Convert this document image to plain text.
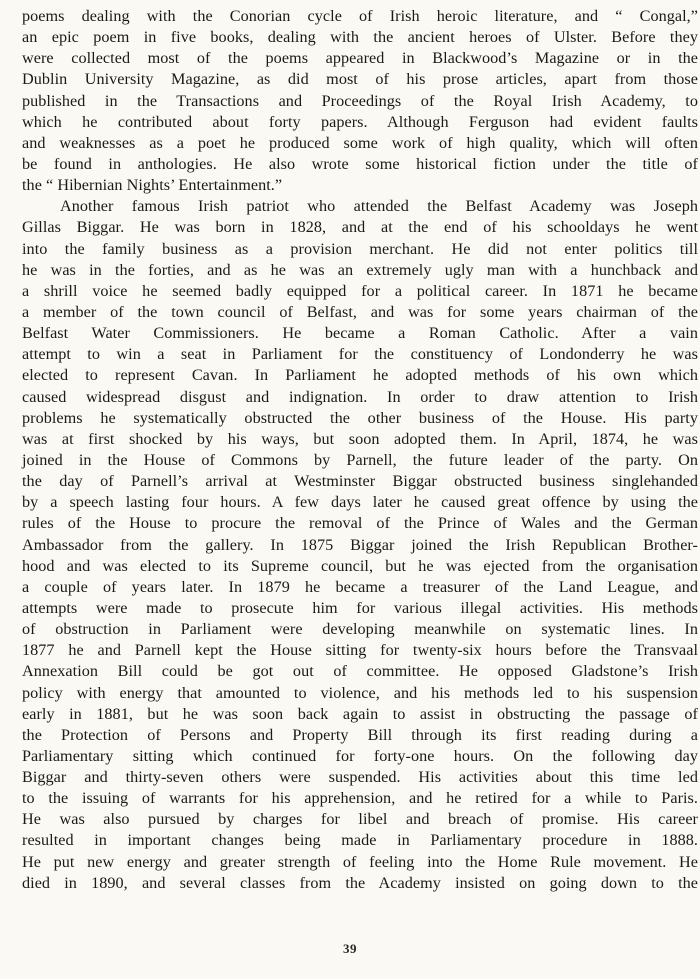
poems dealing with the Conorian cycle of Irish heroic literature, and “ Congal,”
an epic poem in five books, dealing with the ancient heroes of Ulster. Before they
were collected most of the poems appeared in Blackwood’s Magazine or in the
Dublin University Magazine, as did most of his prose articles, apart from those
published in the Transactions and Proceedings of the Royal Irish Academy, to
which he contributed about forty papers. Although Ferguson had evident faults
and weaknesses as a poet he produced some work of high quality, which will often
be found in anthologies. He also wrote some historical fiction under the title of
the “ Hibernian Nights’ Entertainment.”
Another famous Irish patriot who attended the Belfast Academy was Joseph
Gillas Biggar. He was born in 1828, and at the end of his schooldays he went
into the family business as a provision merchant. He did not enter politics till
he was in the forties, and as he was an extremely ugly man with a hunchback and
a shrill voice he seemed badly equipped for a political career. In 1871 he became
a member of the town council of Belfast, and was for some years chairman of the
Belfast Water Commissioners. He became a Roman Catholic. After a vain
attempt to win a seat in Parliament for the constituency of Londonderry he was
elected to represent Cavan. In Parliament he adopted methods of his own which
caused widespread disgust and indignation. In order to draw attention to Irish
problems he systematically obstructed the other business of the House. His party
was at first shocked by his ways, but soon adopted them. In April, 1874, he was
joined in the House of Commons by Parnell, the future leader of the party. On
the day of Parnell’s arrival at Westminster Biggar obstructed business singlehanded
by a speech lasting four hours. A few days later he caused great offence by using the
rules of the House to procure the removal of the Prince of Wales and the German
Ambassador from the gallery. In 1875 Biggar joined the Irish Republican Brother-
hood and was elected to its Supreme council, but he was ejected from the organisation
a couple of years later. In 1879 he became a treasurer of the Land League, and
attempts were made to prosecute him for various illegal activities. His methods
of obstruction in Parliament were developing meanwhile on systematic lines. In
1877 he and Parnell kept the House sitting for twenty-six hours before the Transvaal
Annexation Bill could be got out of committee. He opposed Gladstone’s Irish
policy with energy that amounted to violence, and his methods led to his suspension
early in 1881, but he was soon back again to assist in obstructing the passage of
the Protection of Persons and Property Bill through its first reading during a
Parliamentary sitting which continued for forty-one hours. On the following day
Biggar and thirty-seven others were suspended. His activities about this time led
to the issuing of warrants for his apprehension, and he retired for a while to Paris.
He was also pursued by charges for libel and breach of promise. His career
resulted in important changes being made in Parliamentary procedure in 1888.
He put new energy and greater strength of feeling into the Home Rule movement. He
died in 1890, and several classes from the Academy insisted on going down to the
39
